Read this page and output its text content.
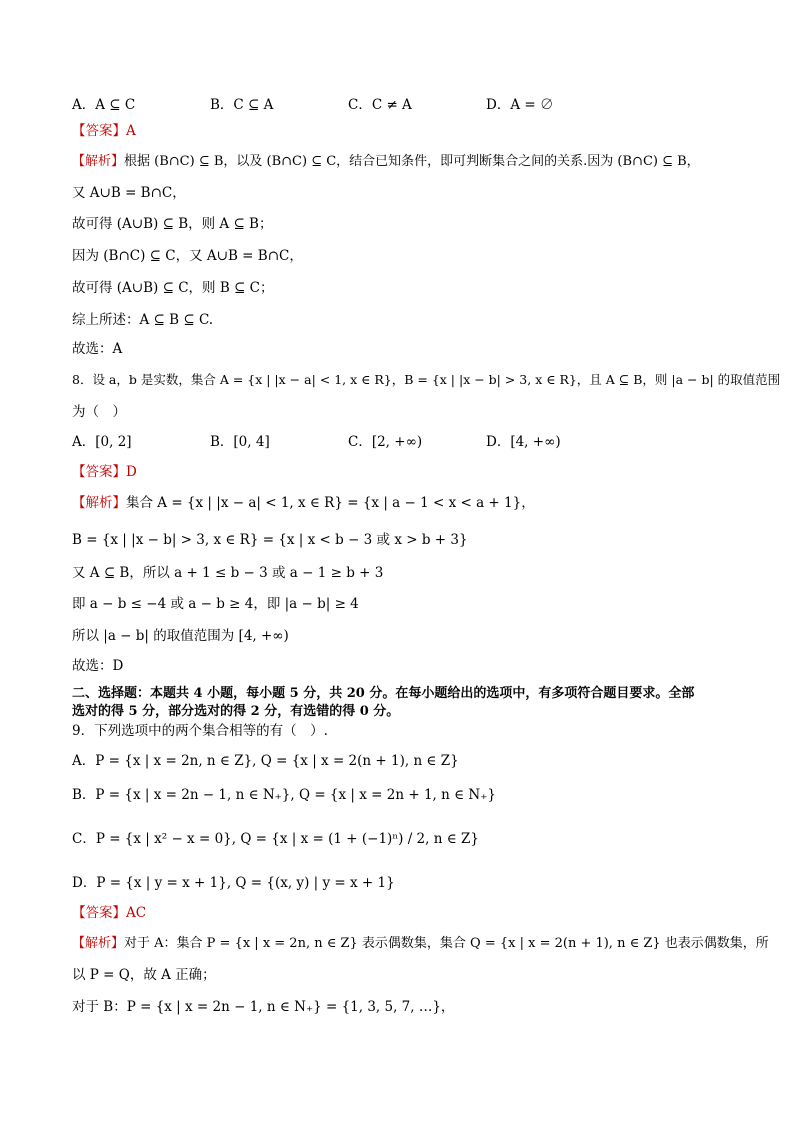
A．A ⊆ C	B．C ⊆ A	C．C ≠ A	D．A = ∅
【答案】A
【解析】根据 (B∩C) ⊆ B，以及 (B∩C) ⊆ C，结合已知条件，即可判断集合之间的关系.因为 (B∩C) ⊆ B，
又 A∪B = B∩C，
故可得 (A∪B) ⊆ B，则 A ⊆ B；
因为 (B∩C) ⊆ C，又 A∪B = B∩C，
故可得 (A∪B) ⊆ C，则 B ⊆ C；
综上所述：A ⊆ B ⊆ C.
故选：A
8．设 a，b 是实数，集合 A = {x | |x − a| < 1, x ∈ R}，B = {x | |x − b| > 3, x ∈ R}，且 A ⊆ B，则 |a − b| 的取值范围
为（　）
A．[0, 2]	B．[0, 4]	C．[2, +∞)	D．[4, +∞)
【答案】D
【解析】集合 A = {x | |x − a| < 1, x ∈ R} = {x | a − 1 < x < a + 1}，
B = {x | |x − b| > 3, x ∈ R} = {x | x < b − 3 或 x > b + 3}
又 A ⊆ B，所以 a + 1 ≤ b − 3 或 a − 1 ≥ b + 3
即 a − b ≤ −4 或 a − b ≥ 4，即 |a − b| ≥ 4
所以 |a − b| 的取值范围为 [4, +∞)
故选：D
二、选择题：本题共 4 小题，每小题 5 分，共 20 分。在每小题给出的选项中，有多项符合题目要求。全部
选对的得 5 分，部分选对的得 2 分，有选错的得 0 分。
9．下列选项中的两个集合相等的有（　）.
A．P = {x | x = 2n, n ∈ Z}, Q = {x | x = 2(n + 1), n ∈ Z}
B．P = {x | x = 2n − 1, n ∈ N₊}, Q = {x | x = 2n + 1, n ∈ N₊}
C．P = {x | x² − x = 0}, Q = {x | x = (1 + (−1)ⁿ) / 2, n ∈ Z}
D．P = {x | y = x + 1}, Q = {(x, y) | y = x + 1}
【答案】AC
【解析】对于 A：集合 P = {x | x = 2n, n ∈ Z} 表示偶数集，集合 Q = {x | x = 2(n + 1), n ∈ Z} 也表示偶数集，所
以 P = Q，故 A 正确；
对于 B：P = {x | x = 2n − 1, n ∈ N₊} = {1, 3, 5, 7, …}，
